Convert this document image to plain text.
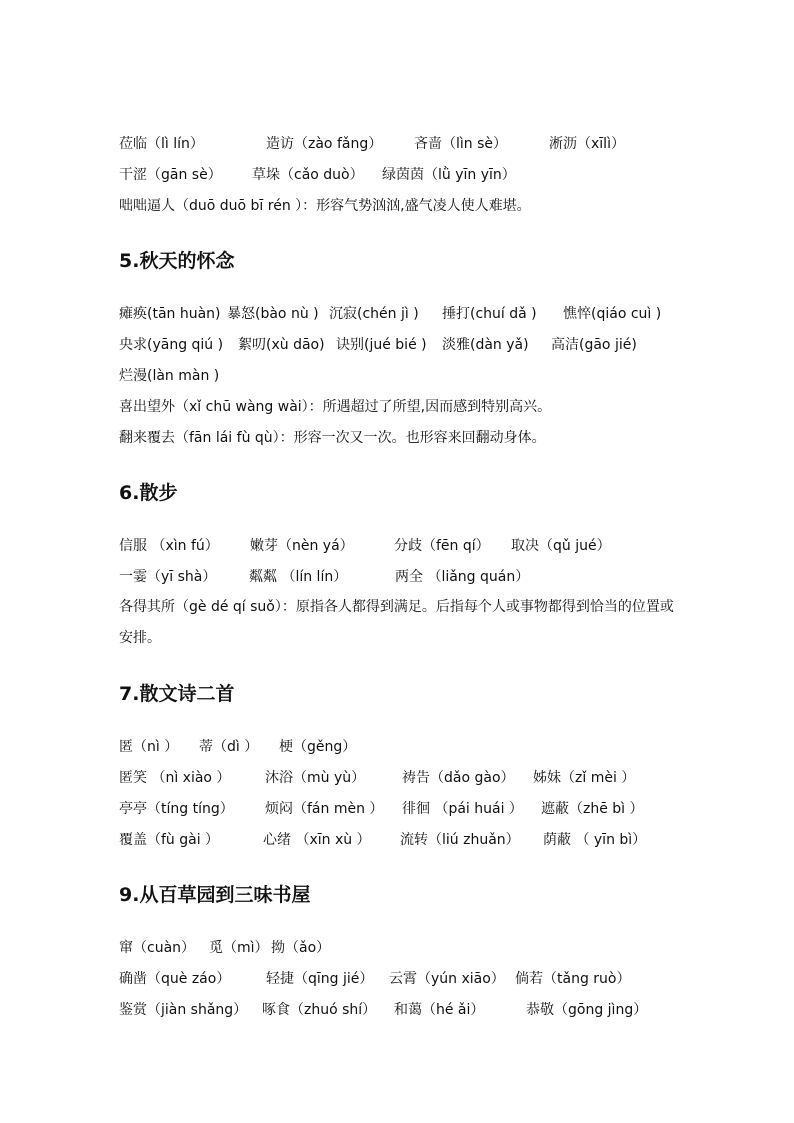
莅临（lì lín）	造访（zào fǎng） 吝啬（lìn sè）	淅沥（xīlì）
干涩（gān sè） 草垛（cǎo duò） 绿茵茵（lǜ yīn yīn）
咄咄逼人（duō duō bī rén ）：形容气势汹汹,盛气凌人使人难堪。
5.秋天的怀念
瘫痪(tān huàn) 暴怒(bào nù ) 沉寂(chén jì ) 捶打(chuí dǎ ) 憔悴(qiáo cuì )
央求(yāng qiú ) 絮叨(xù dāo) 诀别(jué bié ) 淡雅(dàn yǎ) 高洁(gāo jié)
烂漫(làn màn )
喜出望外（xǐ chū wàng wài）：所遇超过了所望,因而感到特别高兴。
翻来覆去（fān lái fù qù）：形容一次又一次。也形容来回翻动身体。
6.散步
信服 （xìn fú） 嫩芽（nèn yá）	分歧（fēn qí） 取决（qǔ jué）
一霎（yī shà） 粼粼 （lín lín）	两全 （liǎng quán）
各得其所（gè dé qí suǒ）：原指各人都得到满足。后指每个人或事物都得到恰当的位置或安排。
7.散文诗二首
匿（nì ） 蒂（dì ） 梗（gěng）
匿笑 （nì xiào ） 沐浴（mù yù）	祷告（dǎo gào） 姊妹（zǐ mèi ）
亭亭（tíng tíng） 烦闷（fán mèn ） 徘徊 （pái huái ） 遮蔽（zhē bì ）
覆盖（fù gài ）	心绪 （xīn xù ） 流转（liú zhuǎn） 荫蔽 （ yīn bì）
9.从百草园到三味书屋
窜（cuàn） 觅（mì） 拗（ǎo）
确凿（què záo）	轻捷（qīng jié） 云霄（yún xiāo） 倘若（tǎng ruò）
鉴赏（jiàn shǎng） 啄食（zhuó shí） 和蔼（hé ǎi）	恭敬（gōng jìng）
